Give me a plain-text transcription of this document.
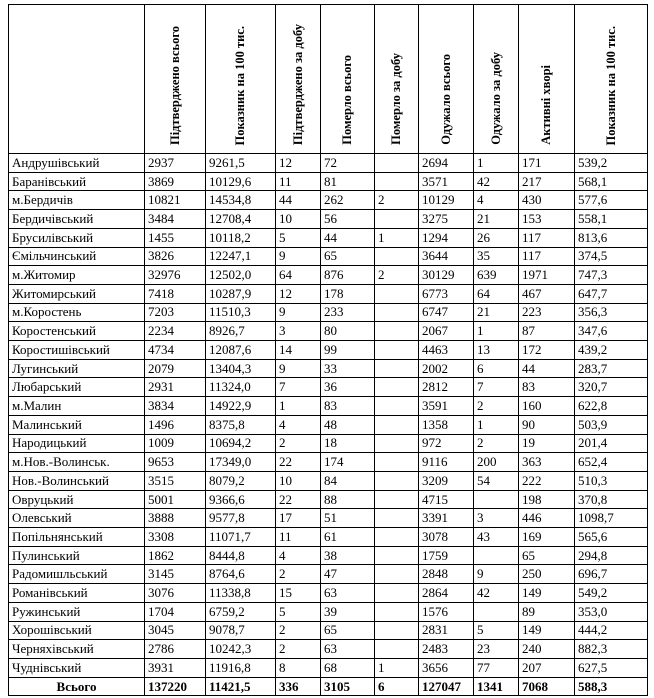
	Підтверджено всього	Показник на 100 тис.	Підтверджено за добу	Померло всього	Померло за добу	Одужало всього	Одужало за добу	Активні хворі	Показник на 100 тис.
Андрушівський	2937	9261,5	12	72		2694	1	171	539,2
Баранівський	3869	10129,6	11	81		3571	42	217	568,1
м.Бердичів	10821	14534,8	44	262	2	10129	4	430	577,6
Бердичівський	3484	12708,4	10	56		3275	21	153	558,1
Брусилівський	1455	10118,2	5	44	1	1294	26	117	813,6
Ємільчинський	3826	12247,1	9	65		3644	35	117	374,5
м.Житомир	32976	12502,0	64	876	2	30129	639	1971	747,3
Житомирський	7418	10287,9	12	178		6773	64	467	647,7
м.Коростень	7203	11510,3	9	233		6747	21	223	356,3
Коростенський	2234	8926,7	3	80		2067	1	87	347,6
Коростишівський	4734	12087,6	14	99		4463	13	172	439,2
Лугинський	2079	13404,3	9	33		2002	6	44	283,7
Любарський	2931	11324,0	7	36		2812	7	83	320,7
м.Малин	3834	14922,9	1	83		3591	2	160	622,8
Малинський	1496	8375,8	4	48		1358	1	90	503,9
Народицький	1009	10694,2	2	18		972	2	19	201,4
м.Нов.-Волинськ.	9653	17349,0	22	174		9116	200	363	652,4
Нов.-Волинський	3515	8079,2	10	84		3209	54	222	510,3
Овруцький	5001	9366,6	22	88		4715		198	370,8
Олевський	3888	9577,8	17	51		3391	3	446	1098,7
Попільнянський	3308	11071,7	11	61		3078	43	169	565,6
Пулинський	1862	8444,8	4	38		1759		65	294,8
Радомишльський	3145	8764,6	2	47		2848	9	250	696,7
Романівський	3076	11338,8	15	63		2864	42	149	549,2
Ружинський	1704	6759,2	5	39		1576		89	353,0
Хорошівський	3045	9078,7	2	65		2831	5	149	444,2
Черняхівський	2786	10242,3	2	63		2483	23	240	882,3
Чуднівський	3931	11916,8	8	68	1	3656	77	207	627,5
Всього	137220	11421,5	336	3105	6	127047	1341	7068	588,3
